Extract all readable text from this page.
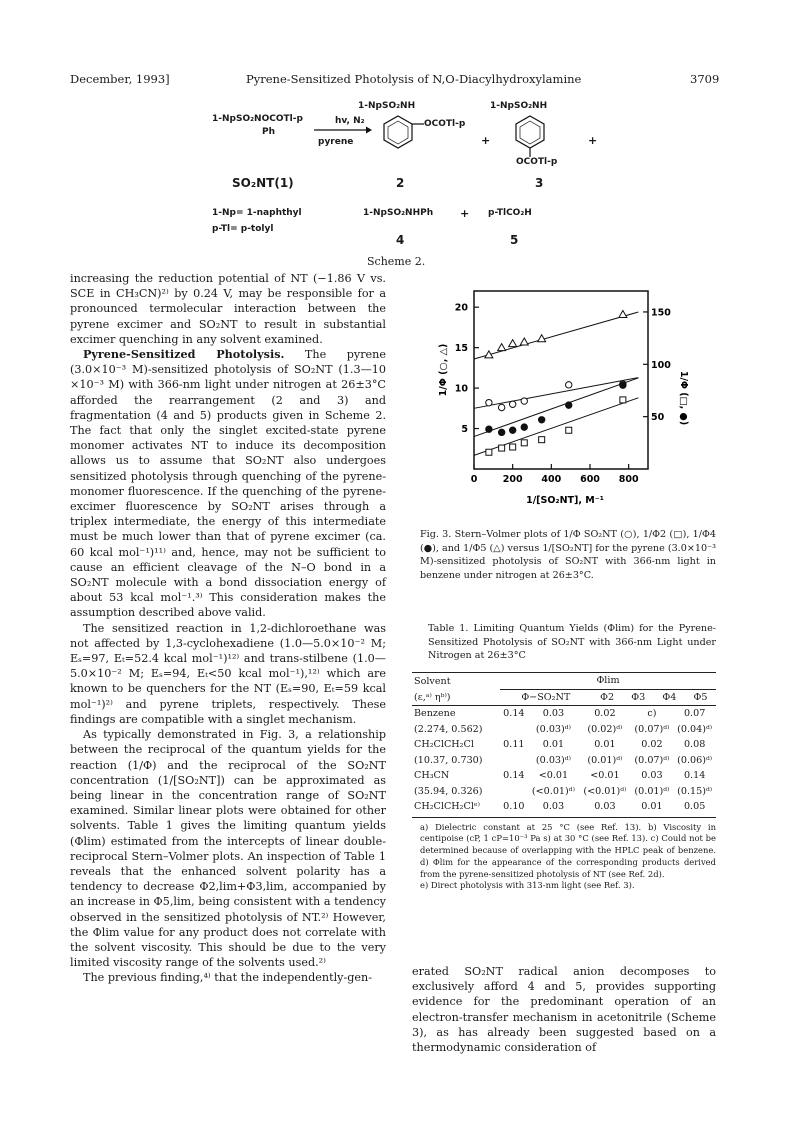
December, 1993]	Pyrene-Sensitized Photolysis of N,O-Diacylhydroxylamine	3709
1-NpSO₂NOCOTl-p
Ph
hv, N₂
pyrene
1-NpSO₂NH
OCOTl-p
+
1-NpSO₂NH
OCOTl-p
+
SO₂NT(1)	2	3
1-Np= 1-naphthyl
p-Tl= p-tolyl
1-NpSO₂NHPh + p-TlCO₂H
4	5
Scheme 2.

increasing the reduction potential of NT (−1.86 V vs. SCE in CH₃CN)²⁾ by 0.24 V, may be responsible for a pronounced termolecular interaction between the pyrene excimer and SO₂NT to result in substantial excimer quenching in any solvent examined.

Pyrene-Sensitized Photolysis. The pyrene (3.0×10⁻³ M)-sensitized photolysis of SO₂NT (1.3—10 ×10⁻³ M) with 366-nm light under nitrogen at 26±3°C afforded the rearrangement (2 and 3) and fragmentation (4 and 5) products given in Scheme 2. The fact that only the singlet excited-state pyrene monomer activates NT to induce its decomposition allows us to assume that SO₂NT also undergoes sensitized photolysis through quenching of the pyrene-monomer fluorescence. If the quenching of the pyrene-excimer fluorescence by SO₂NT arises through a triplex intermediate, the energy of this intermediate must be much lower than that of pyrene excimer (ca. 60 kcal mol⁻¹)¹¹⁾ and, hence, may not be sufficient to cause an efficient cleavage of the N–O bond in a SO₂NT molecule with a bond dissociation energy of about 53 kcal mol⁻¹.³⁾ This consideration makes the assumption described above valid.

The sensitized reaction in 1,2-dichloroethane was not affected by 1,3-cyclohexadiene (1.0—5.0×10⁻² M; Eₛ=97, Eₜ=52.4 kcal mol⁻¹)¹²⁾ and trans-stilbene (1.0—5.0×10⁻² M; Eₛ=94, Eₜ<50 kcal mol⁻¹),¹²⁾ which are known to be quenchers for the NT (Eₛ=90, Eₜ=59 kcal mol⁻¹)²⁾ and pyrene triplets, respectively. These findings are compatible with a singlet mechanism.

As typically demonstrated in Fig. 3, a relationship between the reciprocal of the quantum yields for the reaction (1/Φ) and the reciprocal of the SO₂NT concentration (1/[SO₂NT]) can be approximated as being linear in the concentration range of SO₂NT examined. Similar linear plots were obtained for other solvents. Table 1 gives the limiting quantum yields (Φlim) estimated from the intercepts of linear double-reciprocal Stern–Volmer plots. An inspection of Table 1 reveals that the enhanced solvent polarity has a tendency to decrease Φ2,lim+Φ3,lim, accompanied by an increase in Φ5,lim, being consistent with a tendency observed in the sensitized photolysis of NT.²⁾ However, the Φlim value for any product does not correlate with the solvent viscosity. This should be due to the very limited viscosity range of the solvents used.²⁾

The previous finding,⁴⁾ that the independently-gen-

0	200 400 600 800
5
10
15
20
50
100
150
1/[SO₂NT], M⁻¹
1/Φ (○, △)
1/Φ (□, ●)
Fig. 3. Stern–Volmer plots of 1/Φ SO₂NT (○), 1/Φ2 (□), 1/Φ4 (●), and 1/Φ5 (△) versus 1/[SO₂NT] for the pyrene (3.0×10⁻³ M)-sensitized photolysis of SO₂NT with 366-nm light in benzene under nitrogen at 26±3°C.
Table 1. Limiting Quantum Yields (Φlim) for the Pyrene-Sensitized Photolysis of SO₂NT with 366-nm Light under Nitrogen at 26±3°C
Solvent	Φlim				
(ε,ᵃ⁾ ηᵇ⁾)	Φ−SO₂NT	Φ2	Φ3	Φ4	Φ5
Benzene	0.14	0.03	0.02	c)	0.07
(2.274, 0.562)		(0.03)ᵈ⁾	(0.02)ᵈ⁾	(0.07)ᵈ⁾	(0.04)ᵈ⁾
CH₂ClCH₂Cl	0.11	0.01	0.01	0.02	0.08
(10.37, 0.730)		(0.03)ᵈ⁾	(0.01)ᵈ⁾	(0.07)ᵈ⁾	(0.06)ᵈ⁾
CH₃CN	0.14	<0.01	<0.01	0.03	0.14
(35.94, 0.326)		(<0.01)ᵈ⁾	(<0.01)ᵈ⁾	(0.01)ᵈ⁾	(0.15)ᵈ⁾
CH₂ClCH₂Clᵉ⁾	0.10	0.03	0.03	0.01	0.05
a) Dielectric constant at 25 °C (see Ref. 13). b) Viscosity in centipoise (cP, 1 cP=10⁻³ Pa s) at 30 °C (see Ref. 13). c) Could not be determined because of overlapping with the HPLC peak of benzene. d) Φlim for the appearance of the corresponding products derived from the pyrene-sensitized photolysis of NT (see Ref. 2d).
e) Direct photolysis with 313-nm light (see Ref. 3).
erated SO₂NT radical anion decomposes to exclusively afford 4 and 5, provides supporting evidence for the predominant operation of an electron-transfer mechanism in acetonitrile (Scheme 3), as has already been suggested based on a thermodynamic consideration of
